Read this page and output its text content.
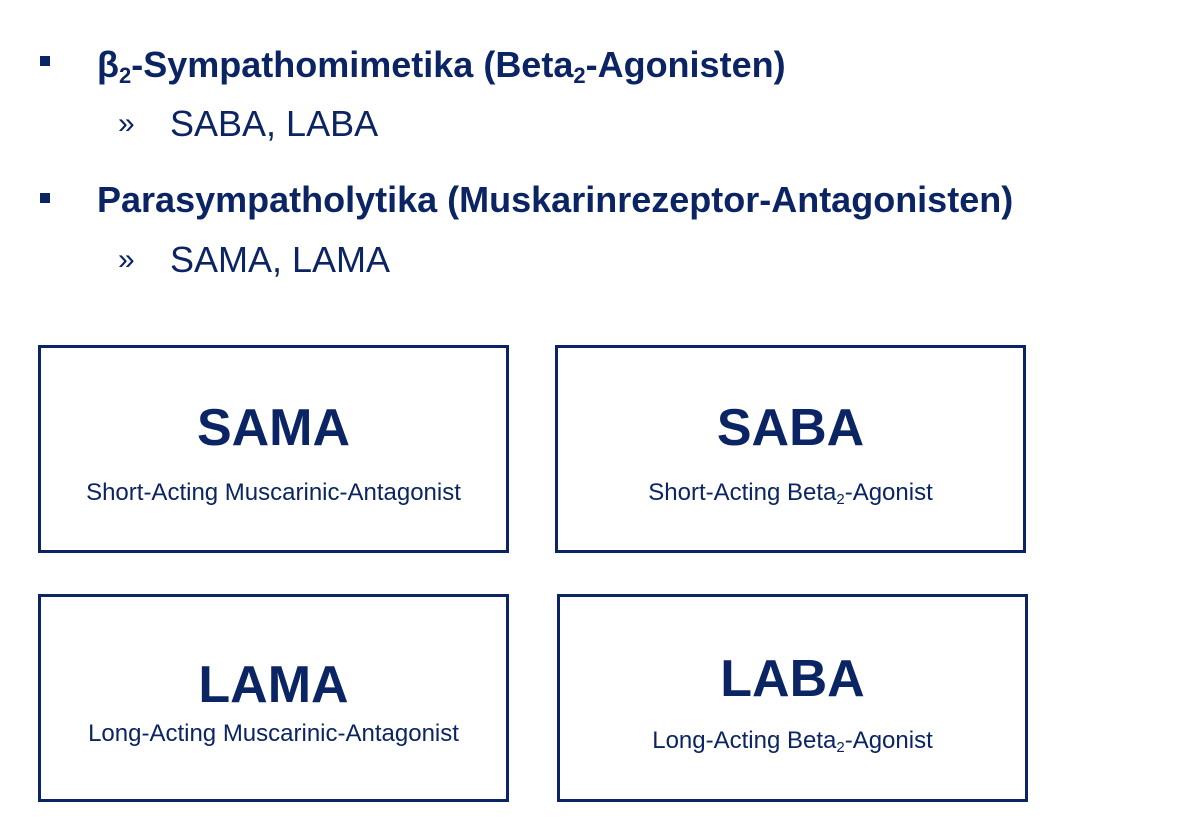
$\beta_2$-Sympathomimetika (Beta$_2$-Agonisten)
» SABA, LABA
Parasympatholytika (Muskarinrezeptor-Antagonisten)
» SAMA, LAMA
SAMA
Short-Acting Muscarinic-Antagonist
SABA
Short-Acting Beta$_2$-Agonist
LAMA
Long-Acting Muscarinic-Antagonist
LABA
Long-Acting Beta$_2$-Agonist
